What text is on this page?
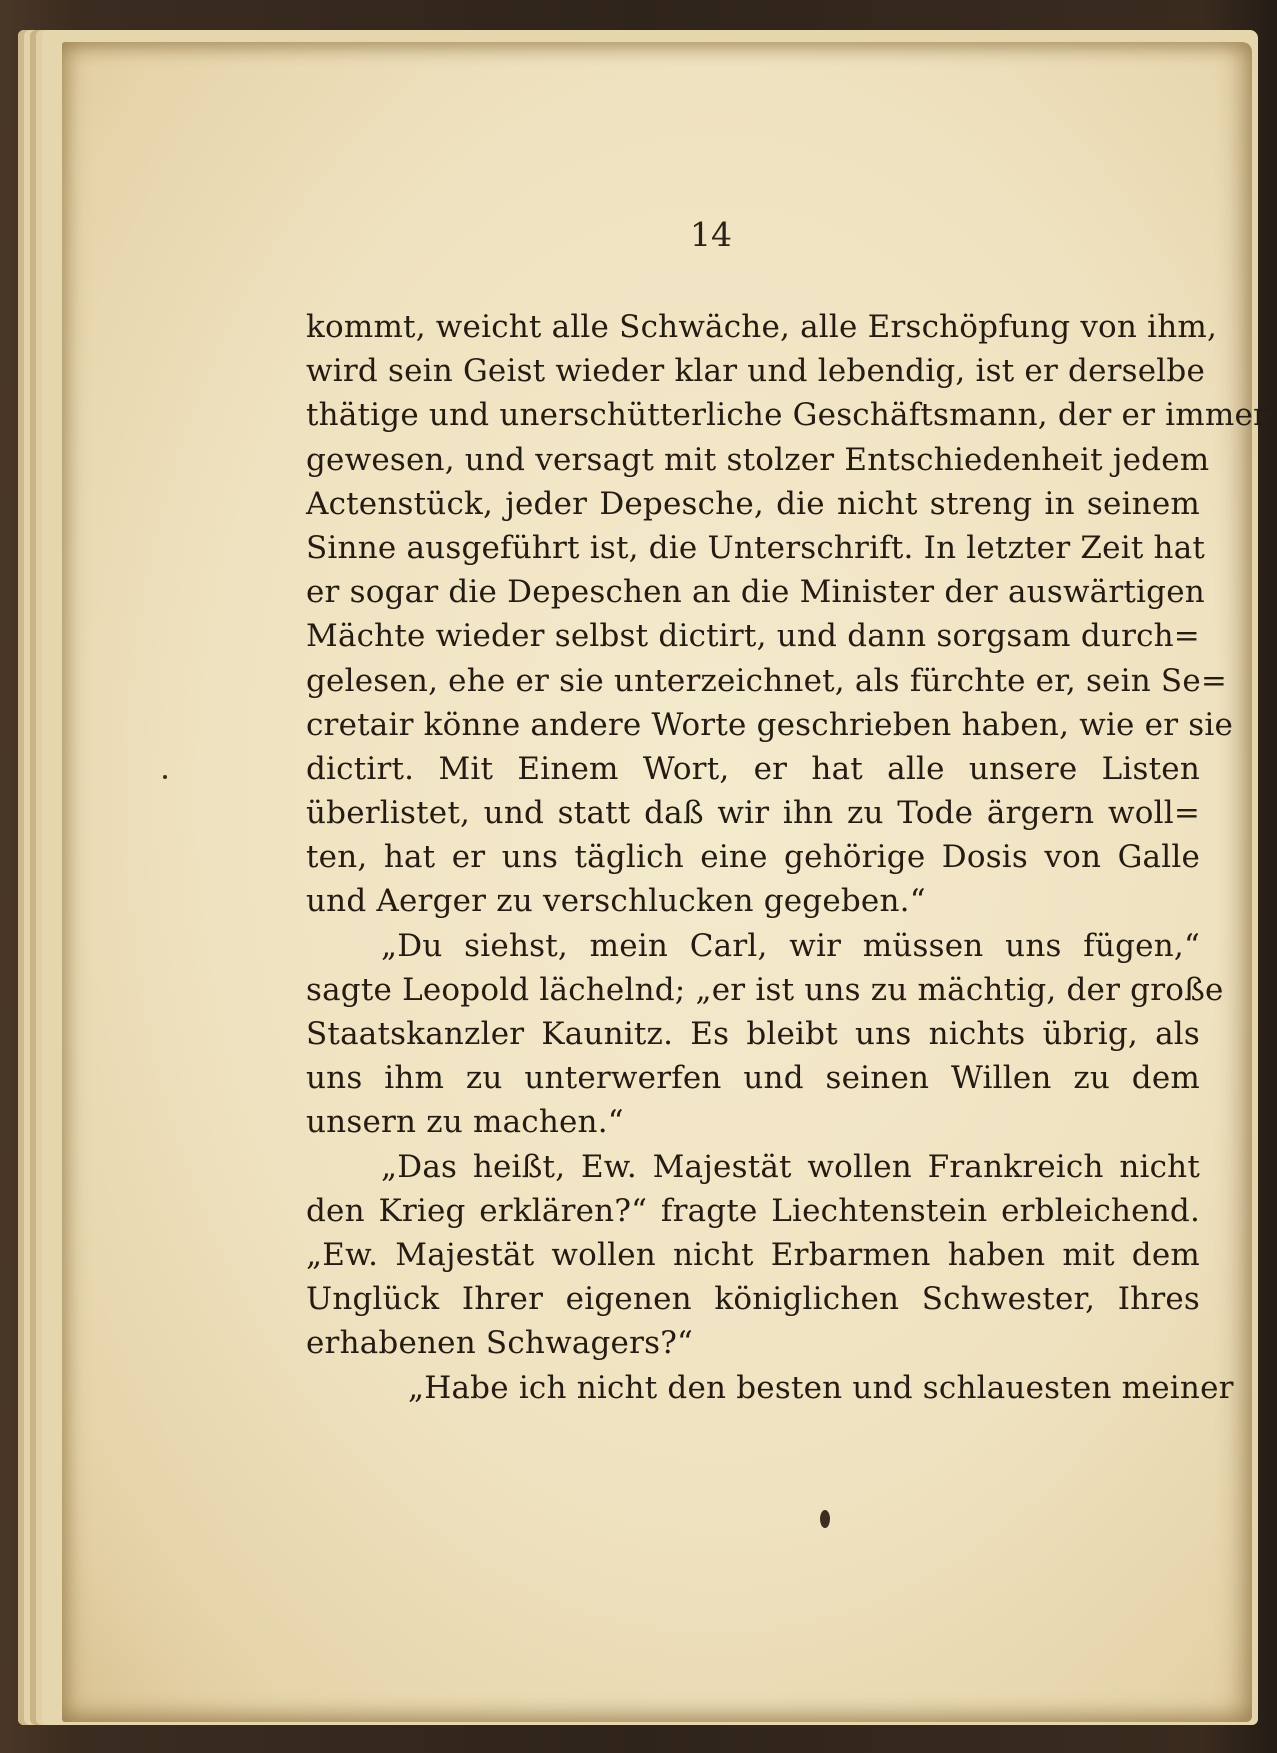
14
kommt, weicht alle Schwäche, alle Erschöpfung von ihm,
wird sein Geist wieder klar und lebendig, ist er derselbe
thätige und unerschütterliche Geschäftsmann, der er immer
gewesen, und versagt mit stolzer Entschiedenheit jedem
Actenstück, jeder Depesche, die nicht streng in seinem
Sinne ausgeführt ist, die Unterschrift. In letzter Zeit hat
er sogar die Depeschen an die Minister der auswärtigen
Mächte wieder selbst dictirt, und dann sorgsam durch=
gelesen, ehe er sie unterzeichnet, als fürchte er, sein Se=
cretair könne andere Worte geschrieben haben, wie er sie
dictirt. Mit Einem Wort, er hat alle unsere Listen
überlistet, und statt daß wir ihn zu Tode ärgern woll=
ten, hat er uns täglich eine gehörige Dosis von Galle
und Aerger zu verschlucken gegeben.“
„Du siehst, mein Carl, wir müssen uns fügen,“
sagte Leopold lächelnd; „er ist uns zu mächtig, der große
Staatskanzler Kaunitz. Es bleibt uns nichts übrig, als
uns ihm zu unterwerfen und seinen Willen zu dem
unsern zu machen.“
„Das heißt, Ew. Majestät wollen Frankreich nicht
den Krieg erklären?“ fragte Liechtenstein erbleichend.
„Ew. Majestät wollen nicht Erbarmen haben mit dem
Unglück Ihrer eigenen königlichen Schwester, Ihres
erhabenen Schwagers?“
„Habe ich nicht den besten und schlauesten meiner
